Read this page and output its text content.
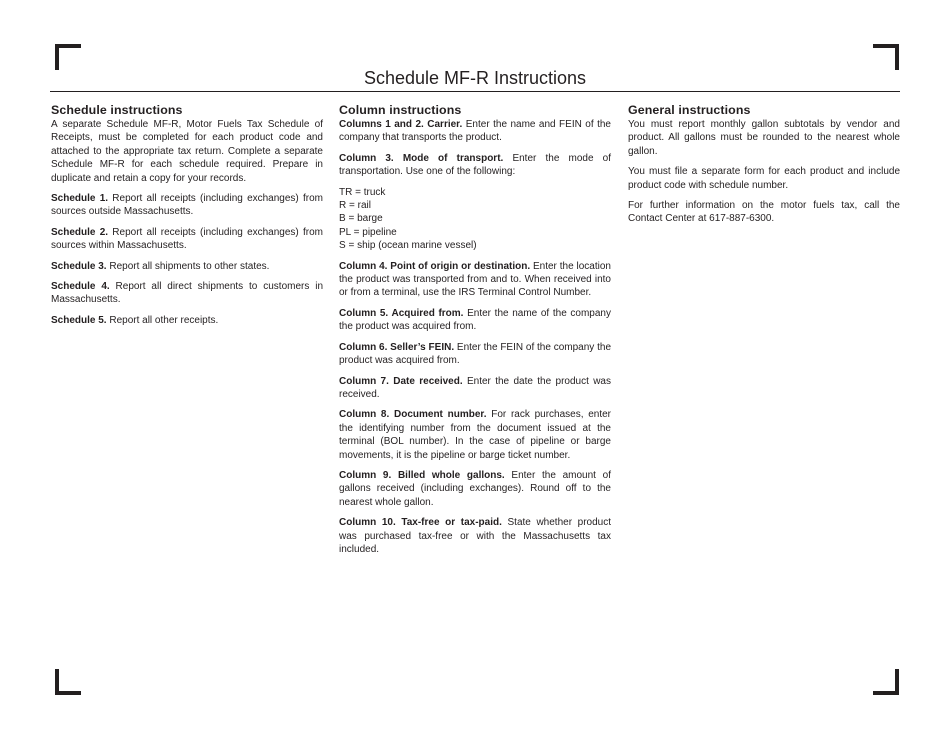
Schedule MF-R Instructions
Schedule instructions

A separate Schedule MF-R, Motor Fuels Tax Schedule of Receipts, must be completed for each product code and attached to the appropriate tax return. Complete a separate Schedule MF-R for each schedule required. Prepare in duplicate and retain a copy for your records.

Schedule 1. Report all receipts (including exchanges) from sources outside Massachusetts.

Schedule 2. Report all receipts (including exchanges) from sources within Massachusetts.

Schedule 3. Report all shipments to other states.

Schedule 4. Report all direct shipments to customers in Massachusetts.

Schedule 5. Report all other receipts.

Column instructions

Columns 1 and 2. Carrier. Enter the name and FEIN of the company that transports the product.

Column 3. Mode of transport. Enter the mode of transportation. Use one of the following:

TR = truck
R = rail
B = barge
PL = pipeline
S = ship (ocean marine vessel)

Column 4. Point of origin or destination. Enter the location the product was transported from and to. When received into or from a terminal, use the IRS Terminal Control Number.

Column 5. Acquired from. Enter the name of the company the product was acquired from.

Column 6. Seller’s FEIN. Enter the FEIN of the company the product was acquired from.

Column 7. Date received. Enter the date the product was received.

Column 8. Document number. For rack purchases, enter the identifying number from the document issued at the terminal (BOL number). In the case of pipeline or barge movements, it is the pipeline or barge ticket number.

Column 9. Billed whole gallons. Enter the amount of gallons received (including exchanges). Round off to the nearest whole gallon.

Column 10. Tax-free or tax-paid. State whether product was purchased tax-free or with the Massachusetts tax included.

General instructions

You must report monthly gallon subtotals by vendor and product. All gallons must be rounded to the nearest whole gallon.

You must file a separate form for each product and include product code with schedule number.

For further information on the motor fuels tax, call the Contact Center at 617-887-6300.
